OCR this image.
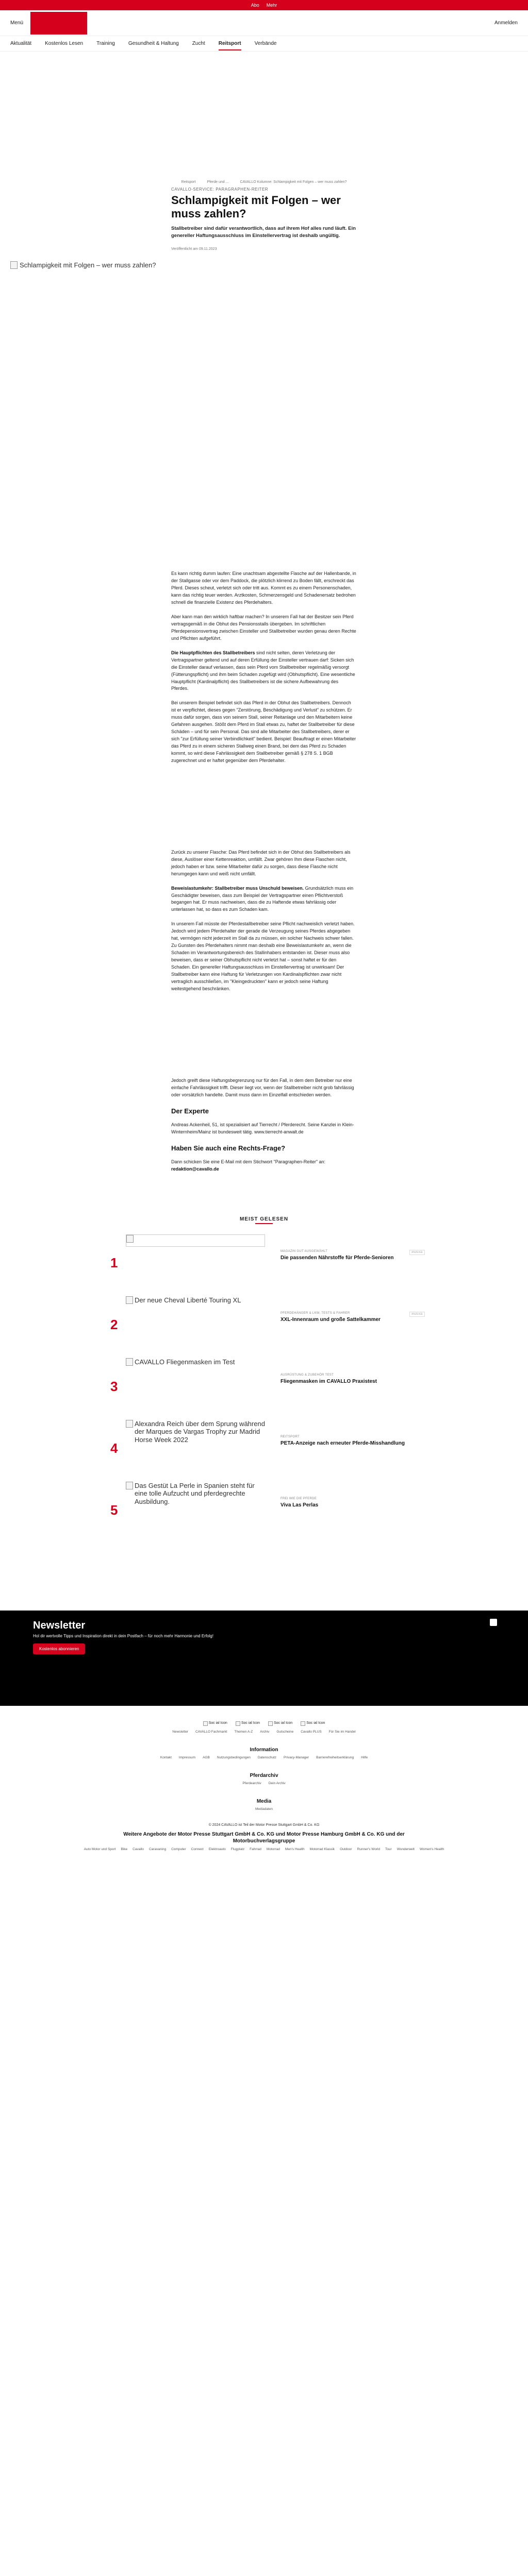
Abo Mehr
Menü	Anmelden
Aktualität	Kostenlos Lesen	Training	Gesundheit & Haltung	Zucht	Reitsport	Verbände
Reitsport	Pferde und ...	CAVALLO Kolumne: Schlampigkeit mit Folgen – wer muss zahlen?
CAVALLO-SERVICE: PARAGRAPHEN-REITER
Schlampigkeit mit Folgen – wer muss zahlen?

Stallbetreiber sind dafür verantwortlich, dass auf ihrem Hof alles rund läuft. Ein genereller Haftungsausschluss im Einstellervertrag ist deshalb ungültig.

Veröffentlicht am 09.11.2023
Schlampigkeit mit Folgen – wer muss zahlen?

Es kann richtig dumm laufen: Eine unachtsam abgestellte Flasche auf der Hallenbande, in der Stallgasse oder vor dem Paddock, die plötzlich klirrend zu Boden fällt, erschreckt das Pferd. Dieses scheut, verletzt sich oder tritt aus. Kommt es zu einem Personenschaden, kann das richtig teuer werden. Arztkosten, Schmerzensgeld und Schadenersatz bedrohen schnell die finanzielle Existenz des Pferdehalters.

Aber kann man den wirklich haftbar machen? In unserem Fall hat der Besitzer sein Pferd vertragsgemäß in die Obhut des Pensionsstalls übergeben. Im schriftlichen Pferdepensionsvertrag zwischen Einsteller und Stallbetreiber wurden genau deren Rechte und Pflichten aufgeführt.

Die Hauptpflichten des Stallbetreibers sind nicht selten, deren Verletzung der Vertragspartner geltend und auf deren Erfüllung der Einsteller vertrauen darf: Sicken sich die Einsteller darauf verlassen, dass sein Pferd vom Stallbetreiber regelmäßig versorgt (Fütterungspflicht) und ihm beim Schaden zugefügt wird (Obhutspflicht). Eine wesentliche Hauptpflicht (Kardinalpflicht) des Stallbetreibers ist die sichere Aufbewahrung des Pferdes.

Bei unserem Beispiel befindet sich das Pferd in der Obhut des Stallbetreibers. Dennoch ist er verpflichtet, dieses gegen "Zerstörung, Beschädigung und Verlust" zu schützen. Er muss dafür sorgen, dass von seinem Stall, seiner Reitanlage und den Mitarbeitern keine Gefahren ausgehen. Stößt dem Pferd im Stall etwas zu, haftet der Stallbetreiber für diese Schäden – und für sein Personal. Das sind alle Mitarbeiter des Stallbetreibers, derer er sich "zur Erfüllung seiner Verbindlichkeit" bedient. Beispiel: Beauftragt er einen Mitarbeiter das Pferd zu in einem sicheren Stallweg einen Brand, bei dem das Pferd zu Schaden kommt, so wird diese Fahrlässigkeit dem Stallbetreiber gemäß § 278 S. 1 BGB zugerechnet und er haftet gegenüber dem Pferdehalter.

Zurück zu unserer Flasche: Das Pferd befindet sich in der Obhut des Stallbetreibers als diese, Auslöser einer Kettenreaktion, umfällt. Zwar gehören Ihm diese Flaschen nicht, jedoch haben er bzw. seine Mitarbeiter dafür zu sorgen, dass diese Flasche nicht herumgegen kann und weiß nicht umfällt.

Beweislastumkehr: Stallbetreiber muss Unschuld beweisen. Grundsätzlich muss ein Geschädigter beweisen, dass zum Beispiel der Vertragspartner einen Pflichtverstoß begangen hat. Er muss nachweisen, dass die zu Haftende etwas fahrlässig oder unterlassen hat, so dass es zum Schaden kam.

In unserem Fall müsste der Pferdestallbetreiber seine Pflicht nachweislich verletzt haben. Jedoch wird jedem Pferdehalter der gerade die Verzeugung seines Pferdes abgegeben hat, vermögen nicht jederzeit im Stall da zu müssen, ein solcher Nachweis schwer fallen. Zu Gunsten des Pferdehalters nimmt man deshalb eine Beweislastumkehr an, wenn die Schaden im Verantwortungsbereich des Stallinhabers entstanden ist. Dieser muss also beweisen, dass er seiner Obhutspflicht nicht verletzt hat – sonst haftet er für den Schaden. Ein genereller Haftungsausschluss im Einstellervertrag ist unwirksam! Der Stallbetreiber kann eine Haftung für Verletzungen von Kardinalspflichten zwar nicht vertraglich ausschließen, im "Kleingedruckten" kann er jedoch seine Haftung weitestgehend beschränken.

Jedoch greift diese Haftungsbegrenzung nur für den Fall, in dem dem Betreiber nur eine einfache Fahrlässigkeit trifft. Dieser liegt vor, wenn der Stallbetreiber nicht grob fahrlässig oder vorsätzlich handelte. Damit muss dann im Einzelfall entschieden werden.

Der Experte

Andreas Ackenheil, 51, ist spezialisiert auf Tierrecht / Pferderecht. Seine Kanzlei in Klein-Winternheim/Mainz ist bundesweit tätig. www.tierrecht-anwalt.de

Haben Sie auch eine Rechts-Frage?

Dann schicken Sie eine E-Mail mit dem Stichwort "Paragraphen-Reiter" an:
redaktion@cavallo.de

MEIST GELESEN
1
MAGAZIN GUT AUSGEWÄHLT	ANZEIGE
Die passenden Nährstoffe für Pferde-Senioren
2
Der neue Cheval Liberté Touring XL
PFERDEHÄNGER & LKW, TESTS & FAHRER	ANZEIGE
XXL-Innenraum und große Sattelkammer
3
CAVALLO Fliegenmasken im Test
AUSRÜSTUNG & ZUBEHÖR TEST
Fliegenmasken im CAVALLO Praxistest
4
Alexandra Reich über dem Sprung während der Marques de Vargas Trophy zur Madrid Horse Week 2022	REITSPORT
PETA-Anzeige nach erneuter Pferde-Misshandlung
5
Das Gestüt La Perle in Spanien steht für eine tolle Aufzucht und pferdegrechte Ausbildung.	FREI WIE DIE PFERDE
Viva Las Perlas
Newsletter
Hol dir wertvolle Tipps und Inspiration direkt in dein Postfach – für noch mehr Harmonie und Erfolg!
Kostenlos abonnieren
Soc ial Icon	Soc ial Icon	Soc ial Icon	Soc ial Icon
Newsletter CAVALLO Fachmarkt Themen A-Z Archiv Gutscheine Cavallo PLUS Für Sie im Handel
Information
Kontakt Impressum AGB Nutzungsbedingungen Datenschutz Privacy-Manager Barrierefreiheitserklärung Hilfe
Pferdarchiv
Pferdearchiv Dein Archiv
Media
Mediadaten
© 2024 CAVALLO ist Teil der Motor Presse Stuttgart GmbH & Co. KG
Weitere Angebote der Motor Presse Stuttgart GmbH & Co. KG und Motor Presse Hamburg GmbH & Co. KG und der Motorbuchverlagsgruppe
Auto Motor und Sport Bike Cavallo Caravaning Computer Connect Elektroauto Flugplatz Fahrrad Motorrad Men's Health Motorrad Klassik Outdoor Runner's World Tour Wunderwelt Women's Health
